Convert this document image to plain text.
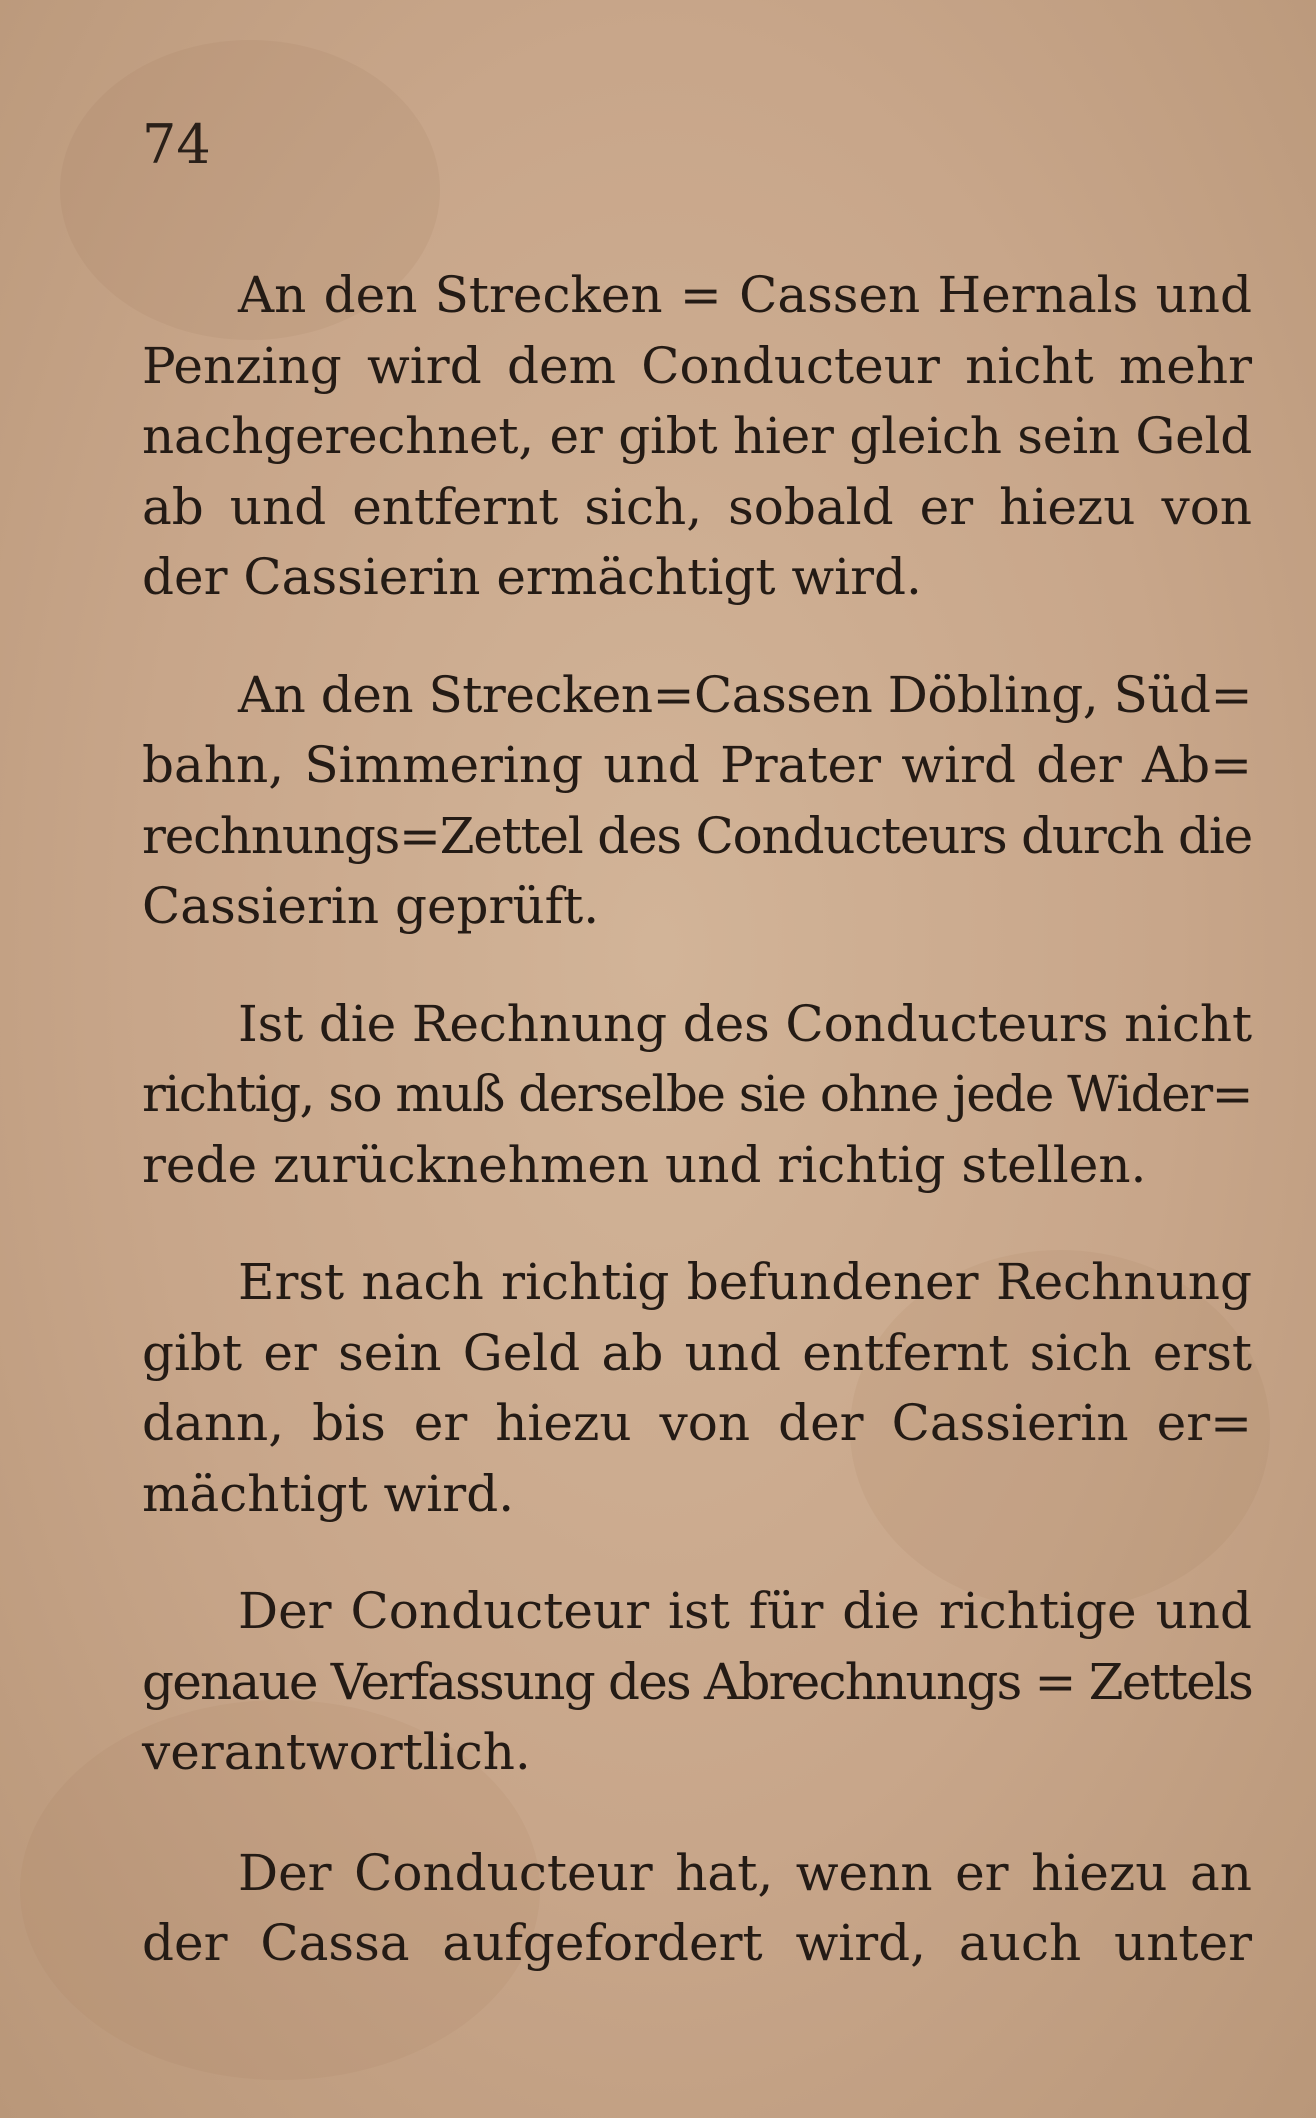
74

An den Strecken = Cassen Hernals und
Penzing wird dem Conducteur nicht mehr
nachgerechnet, er gibt hier gleich sein Geld
ab und entfernt sich, sobald er hiezu von
der Cassierin ermächtigt wird.

An den Strecken=Cassen Döbling, Süd=
bahn, Simmering und Prater wird der Ab=
rechnungs=Zettel des Conducteurs durch die
Cassierin geprüft.

Ist die Rechnung des Conducteurs nicht
richtig, so muß derselbe sie ohne jede Wider=
rede zurücknehmen und richtig stellen.

Erst nach richtig befundener Rechnung
gibt er sein Geld ab und entfernt sich erst
dann, bis er hiezu von der Cassierin er=
mächtigt wird.

Der Conducteur ist für die richtige und
genaue Verfassung des Abrechnungs = Zettels
verantwortlich.

Der Conducteur hat, wenn er hiezu an
der Cassa aufgefordert wird, auch unter
